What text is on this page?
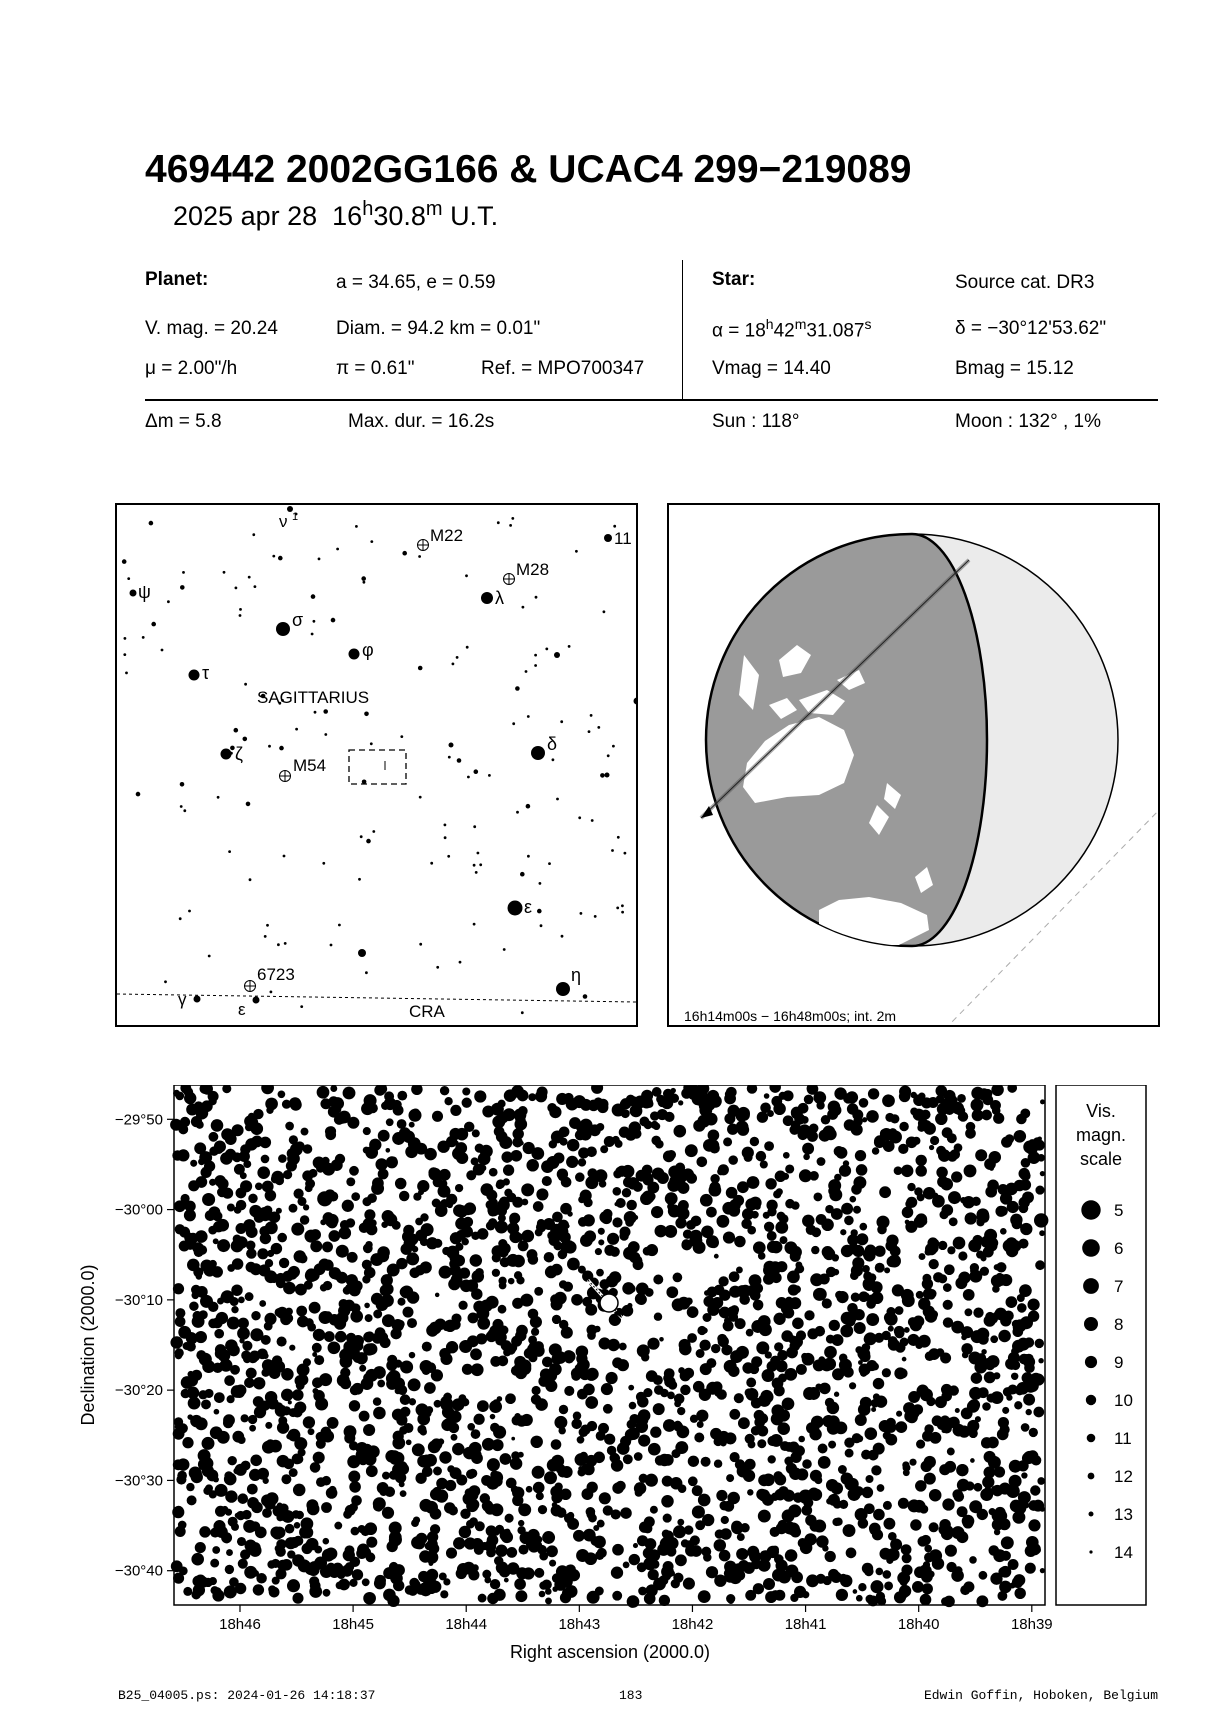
469442 2002GG166 & UCAC4 299−219089
2025 apr 28 16$^h$30.8$^m$ U.T.
Planet:	a = 34.65, e = 0.59
V. mag. = 20.24	Diam. = 94.2 km = 0.01"
μ = 2.00"/h	π = 0.61"	Ref. = MPO700347
Star:	Source cat. DR3
$\alpha = 18^h42^m31.087^s$	δ = −30°12'53.62"
Vmag = 14.40	Bmag = 15.12
Δm = 5.8	Max. dur. = 16.2s	Sun : 118°	Moon : 132° , 1%
ν 1
M22	11
ψ
M28
λ
σ
φ
τ
SAGITTARIUS
ζ
M54
δ
ε
η
6723
γ
ε	CRA	16h14m00s − 16h48m00s; int. 2m
18h46	18h45	18h44	18h43	18h42	18h41	18h40	18h39
−29°50
−30°00
−30°10
−30°20
−30°30
−30°40
Right ascension (2000.0)
Declination (2000.0)
Vis.
magn.
scale
5
6
7
8
9
10
11
12
13
14
B25_04005.ps: 2024-01-26 14:18:37	183	Edwin Goffin, Hoboken, Belgium
